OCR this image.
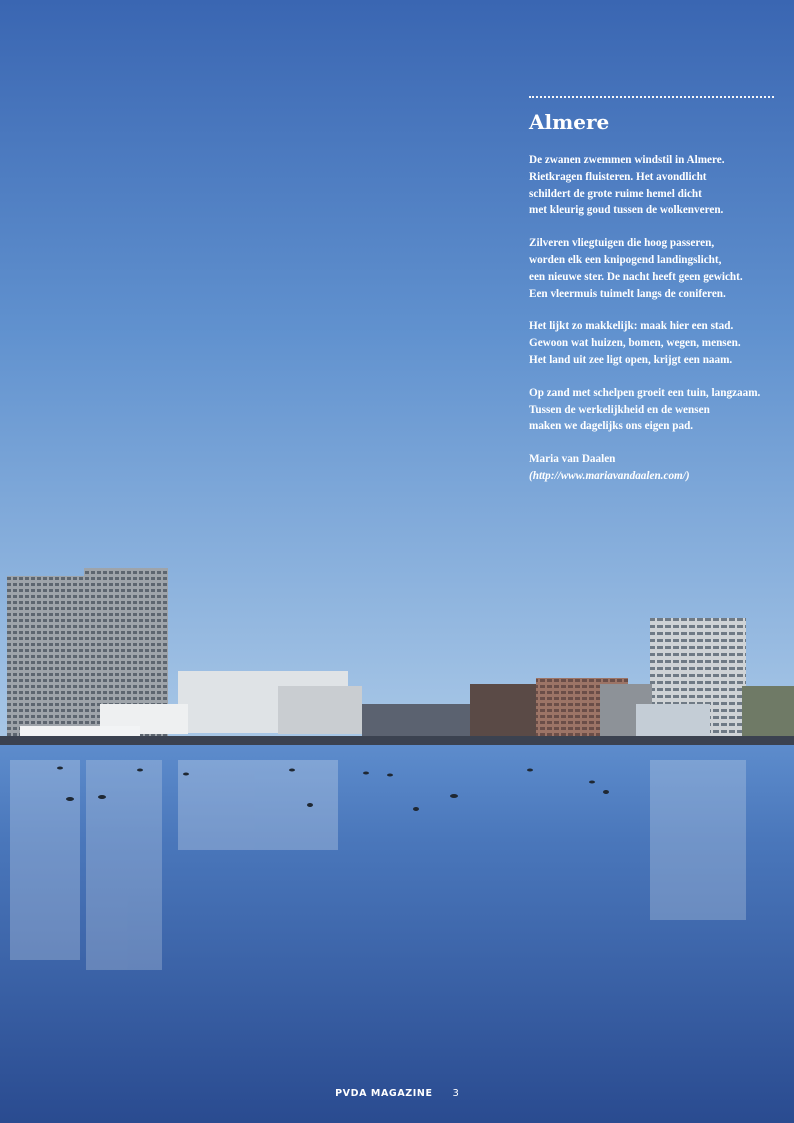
Almere
De zwanen zwemmen windstil in Almere.
Rietkragen fluisteren. Het avondlicht
schildert de grote ruime hemel dicht
met kleurig goud tussen de wolkenveren.
Zilveren vliegtuigen die hoog passeren,
worden elk een knipogend landingslicht,
een nieuwe ster. De nacht heeft geen gewicht.
Een vleermuis tuimelt langs de coniferen.
Het lijkt zo makkelijk: maak hier een stad.
Gewoon wat huizen, bomen, wegen, mensen.
Het land uit zee ligt open, krijgt een naam.
Op zand met schelpen groeit een tuin, langzaam.
Tussen de werkelijkheid en de wensen
maken we dagelijks ons eigen pad.
Maria van Daalen
(http://www.mariavandaalen.com/)
PVDA MAGAZINE 3
